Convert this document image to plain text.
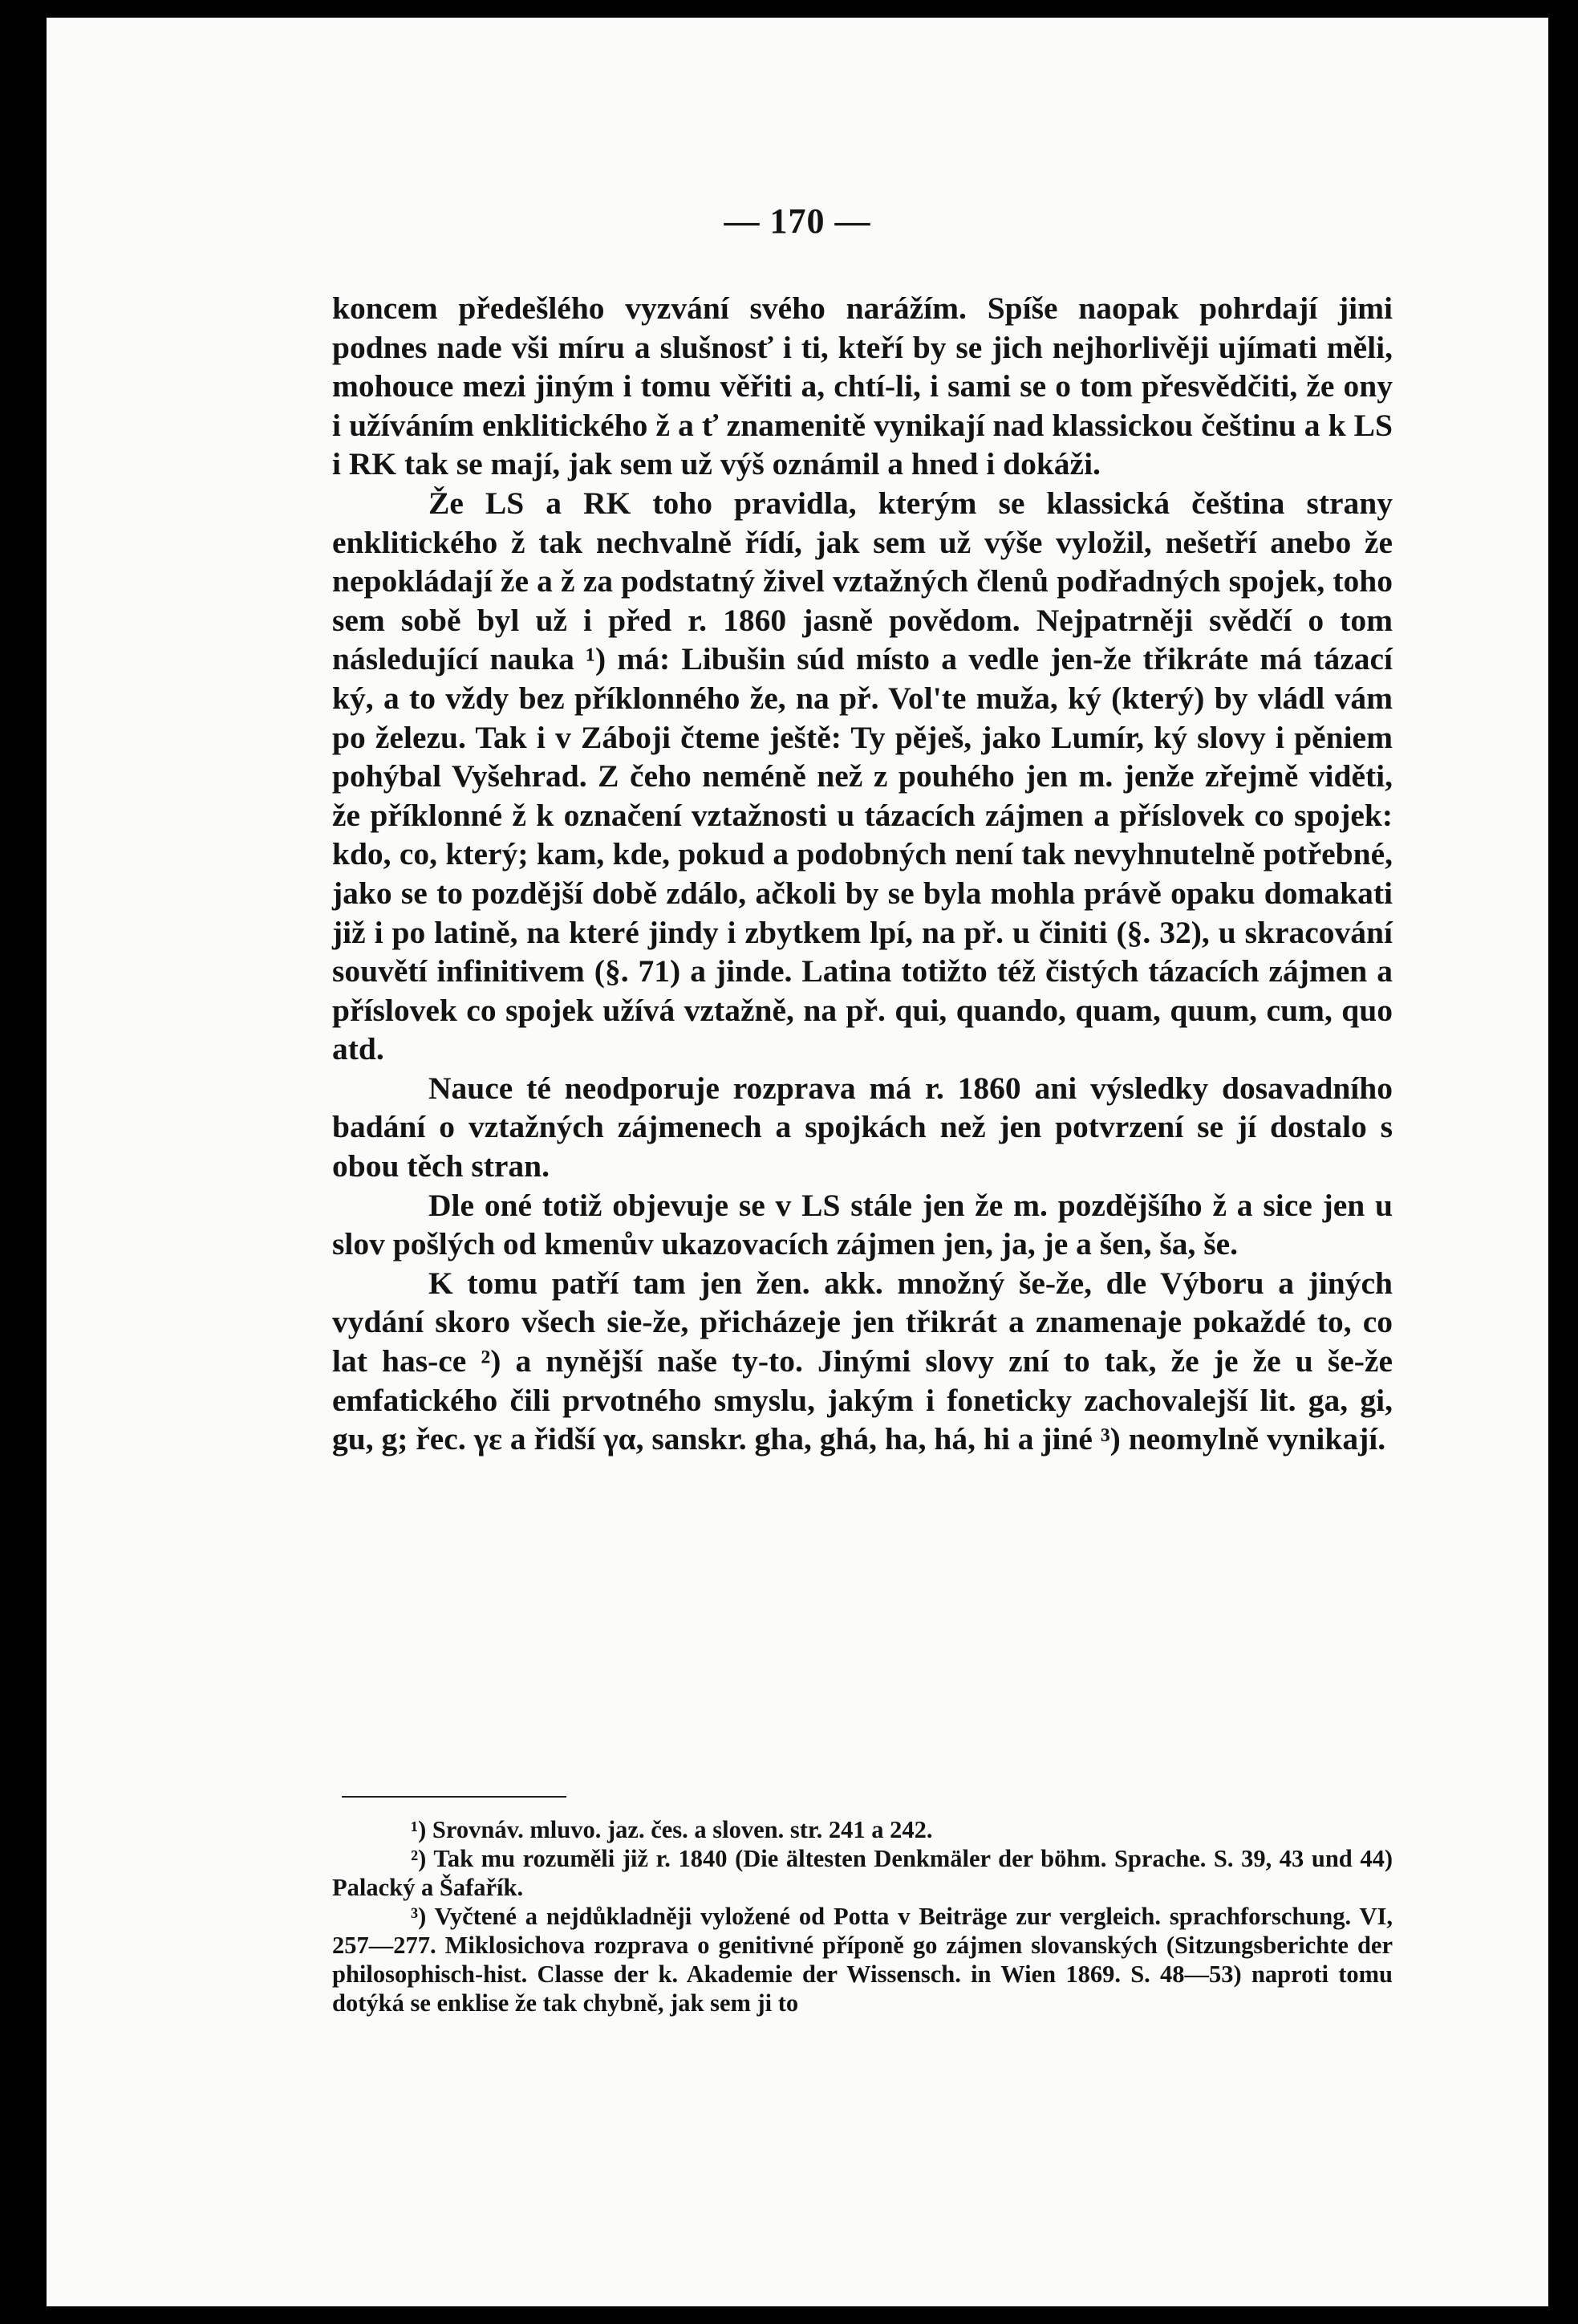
— 170 —

koncem předešlého vyzvání svého narážím. Spíše naopak pohrdají jimi podnes nade vši míru a slušnosť i ti, kteří by se jich nejhorlivěji ujímati měli, mohouce mezi jiným i tomu věřiti a, chtí-li, i sami se o tom přesvědčiti, že ony i užíváním enklitického ž a ť znamenitě vynikají nad klassickou češtinu a k LS i RK tak se mají, jak sem už výš oznámil a hned i dokáži.

Že LS a RK toho pravidla, kterým se klassická čeština strany enklitického ž tak nechvalně řídí, jak sem už výše vyložil, nešetří anebo že nepokládají že a ž za podstatný živel vztažných členů podřadných spojek, toho sem sobě byl už i před r. 1860 jasně povědom. Nejpatrněji svědčí o tom následující nauka ¹) má: Libušin súd místo a vedle jen-že třikráte má tázací ký, a to vždy bez příklonného že, na př. Vol'te muža, ký (který) by vládl vám po železu. Tak i v Záboji čteme ještě: Ty pěješ, jako Lumír, ký slovy i pěniem pohýbal Vyšehrad. Z čeho neméně než z pouhého jen m. jenže zřejmě viděti, že příklonné ž k označení vztažnosti u tázacích zájmen a příslovek co spojek: kdo, co, který; kam, kde, pokud a podobných není tak nevyhnutelně potřebné, jako se to pozdější době zdálo, ačkoli by se byla mohla právě opaku domakati již i po latině, na které jindy i zbytkem lpí, na př. u činiti (§. 32), u skracování souvětí infinitivem (§. 71) a jinde. Latina totižto též čistých tázacích zájmen a příslovek co spojek užívá vztažně, na př. qui, quando, quam, quum, cum, quo atd.

Nauce té neodporuje rozprava má r. 1860 ani výsledky dosavadního badání o vztažných zájmenech a spojkách než jen potvrzení se jí dostalo s obou těch stran.

Dle oné totiž objevuje se v LS stále jen že m. pozdějšího ž a sice jen u slov pošlých od kmenův ukazovacích zájmen jen, ja, je a šen, ša, še.

K tomu patří tam jen žen. akk. množný še-že, dle Výboru a jiných vydání skoro všech sie-že, přicházeje jen třikrát a znamenaje pokaždé to, co lat has-ce ²) a nynější naše ty-to. Jinými slovy zní to tak, že je že u še-že emfatického čili prvotného smyslu, jakým i foneticky zachovalejší lit. ga, gi, gu, g; řec. γε a řidší γα, sanskr. gha, ghá, ha, há, hi a jiné ³) neomylně vynikají.

¹) Srovnáv. mluvo. jaz. čes. a sloven. str. 241 a 242.

²) Tak mu rozuměli již r. 1840 (Die ältesten Denkmäler der böhm. Sprache. S. 39, 43 und 44) Palacký a Šafařík.

³) Vyčtené a nejdůkladněji vyložené od Potta v Beiträge zur vergleich. sprachforschung. VI, 257—277. Miklosichova rozprava o genitivné příponě go zájmen slovanských (Sitzungsberichte der philosophisch-hist. Classe der k. Akademie der Wissensch. in Wien 1869. S. 48—53) naproti tomu dotýká se enklise že tak chybně, jak sem ji to
